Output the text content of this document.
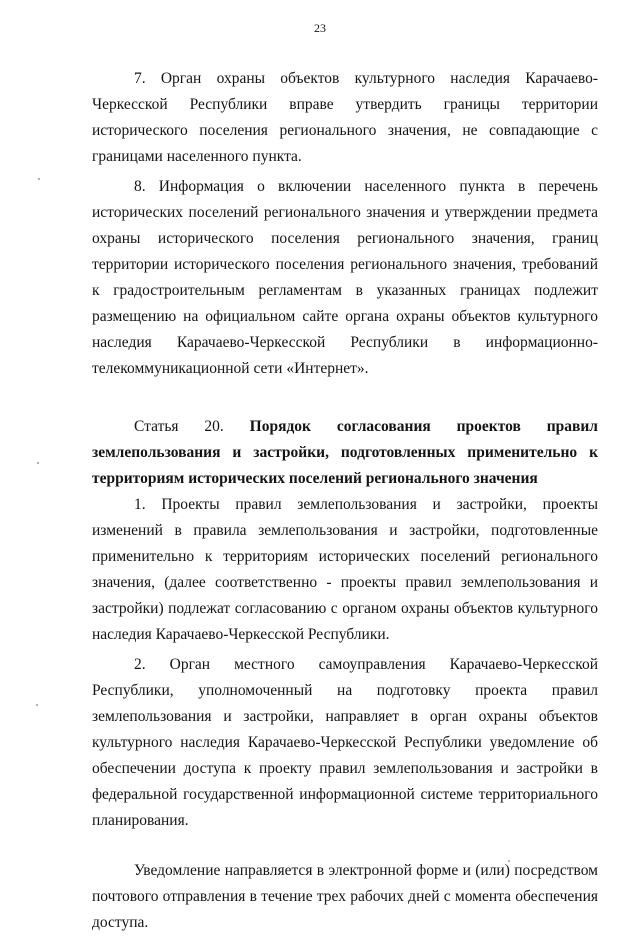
23

7. Орган охраны объектов культурного наследия Карачаево-Черкесской Республики вправе утвердить границы территории исторического поселения регионального значения, не совпадающие с границами населенного пункта.

8. Информация о включении населенного пункта в перечень исторических поселений регионального значения и утверждении предмета охраны исторического поселения регионального значения, границ территории исторического поселения регионального значения, требований к градостроительным регламентам в указанных границах подлежит размещению на официальном сайте органа охраны объектов культурного наследия Карачаево-Черкесской Республики в информационно-телекоммуникационной сети «Интернет».

Статья 20. Порядок согласования проектов правил землепользования и застройки, подготовленных применительно к территориям исторических поселений регионального значения

1. Проекты правил землепользования и застройки, проекты изменений в правила землепользования и застройки, подготовленные применительно к территориям исторических поселений регионального значения, (далее соответственно - проекты правил землепользования и застройки) подлежат согласованию с органом охраны объектов культурного наследия Карачаево-Черкесской Республики.

2. Орган местного самоуправления Карачаево-Черкесской Республики, уполномоченный на подготовку проекта правил землепользования и застройки, направляет в орган охраны объектов культурного наследия Карачаево-Черкесской Республики уведомление об обеспечении доступа к проекту правил землепользования и застройки в федеральной государственной информационной системе территориального планирования.

Уведомление направляется в электронной форме и (или) посредством почтового отправления в течение трех рабочих дней с момента обеспечения доступа.
